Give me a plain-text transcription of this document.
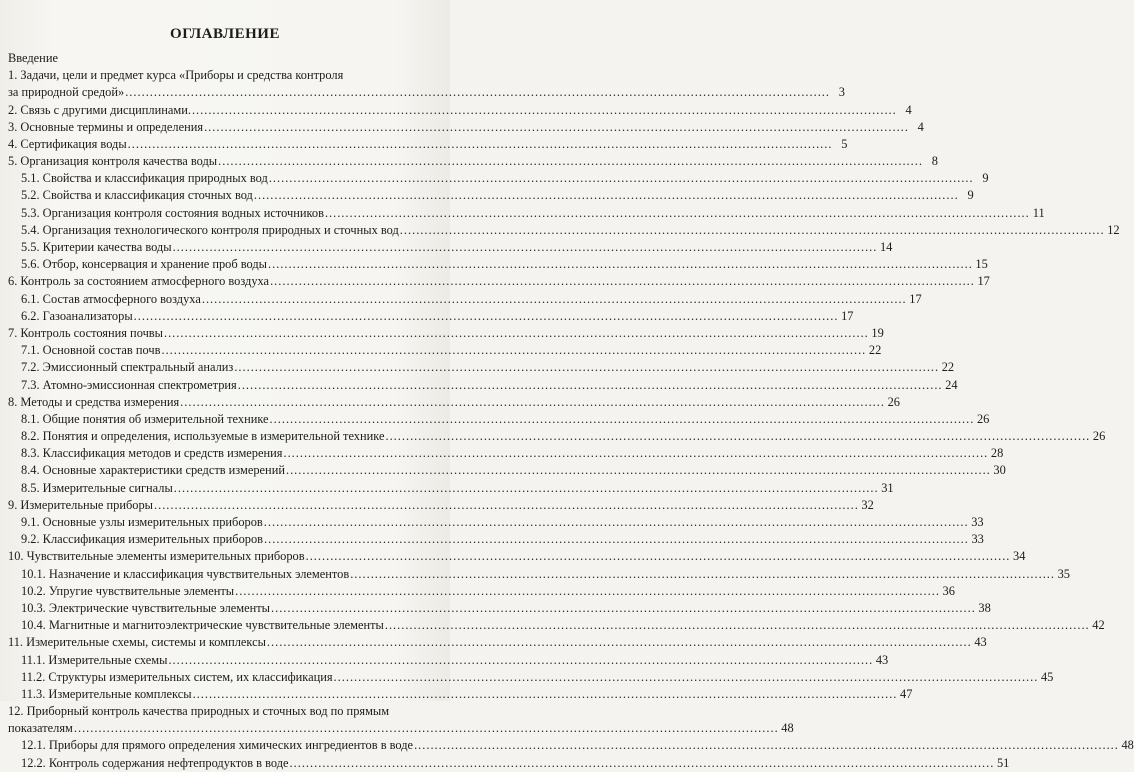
ОГЛАВЛЕНИЕ
Введение
1. Задачи, цели и предмет курса «Приборы и средства контроля
за природной средой» .....	3
2. Связь с другими дисциплинами. .....	4
3. Основные термины и определения .....	4
4. Сертификация воды .....	5
5. Организация контроля качества воды .....	8
5.1. Свойства и классификация природных вод .....	9
5.2. Свойства и классификация сточных вод .....	9
5.3. Организация контроля состояния водных источников .....	11
5.4. Организация технологического контроля природных и сточных вод .....	12
5.5. Критерии качества воды .....	14
5.6. Отбор, консервация и хранение проб воды .....	15
6. Контроль за состоянием атмосферного воздуха .....	17
6.1. Состав атмосферного воздуха .....	17
6.2. Газоанализаторы .....	17
7. Контроль состояния почвы .....	19
7.1. Основной состав почв .....	22
7.2. Эмиссионный спектральный анализ .....	22
7.3. Атомно-эмиссионная спектрометрия .....	24
8. Методы и средства измерения .....	26
8.1. Общие понятия об измерительной технике .....	26
8.2. Понятия и определения, используемые в измерительной технике .....	26
8.3. Классификация методов и средств измерения .....	28
8.4. Основные характеристики средств измерений .....	30
8.5. Измерительные сигналы .....	31
9. Измерительные приборы .....	32
9.1. Основные узлы измерительных приборов .....	33
9.2. Классификация измерительных приборов .....	33
10. Чувствительные элементы измерительных приборов .....	34
10.1. Назначение и классификация чувствительных элементов .....	35
10.2. Упругие чувствительные элементы .....	36
10.3. Электрические чувствительные элементы .....	38
10.4. Магнитные и магнитоэлектрические чувствительные элементы .....	42
11. Измерительные схемы, системы и комплексы .....	43
11.1. Измерительные схемы .....	43
11.2. Структуры измерительных систем, их классификация .....	45
11.3. Измерительные комплексы .....	47
12. Приборный контроль качества природных и сточных вод по прямым
показателям .....	48
12.1. Приборы для прямого определения химических ингредиентов в воде .....	48
12.2. Контроль содержания нефтепродуктов в воде .....	51
